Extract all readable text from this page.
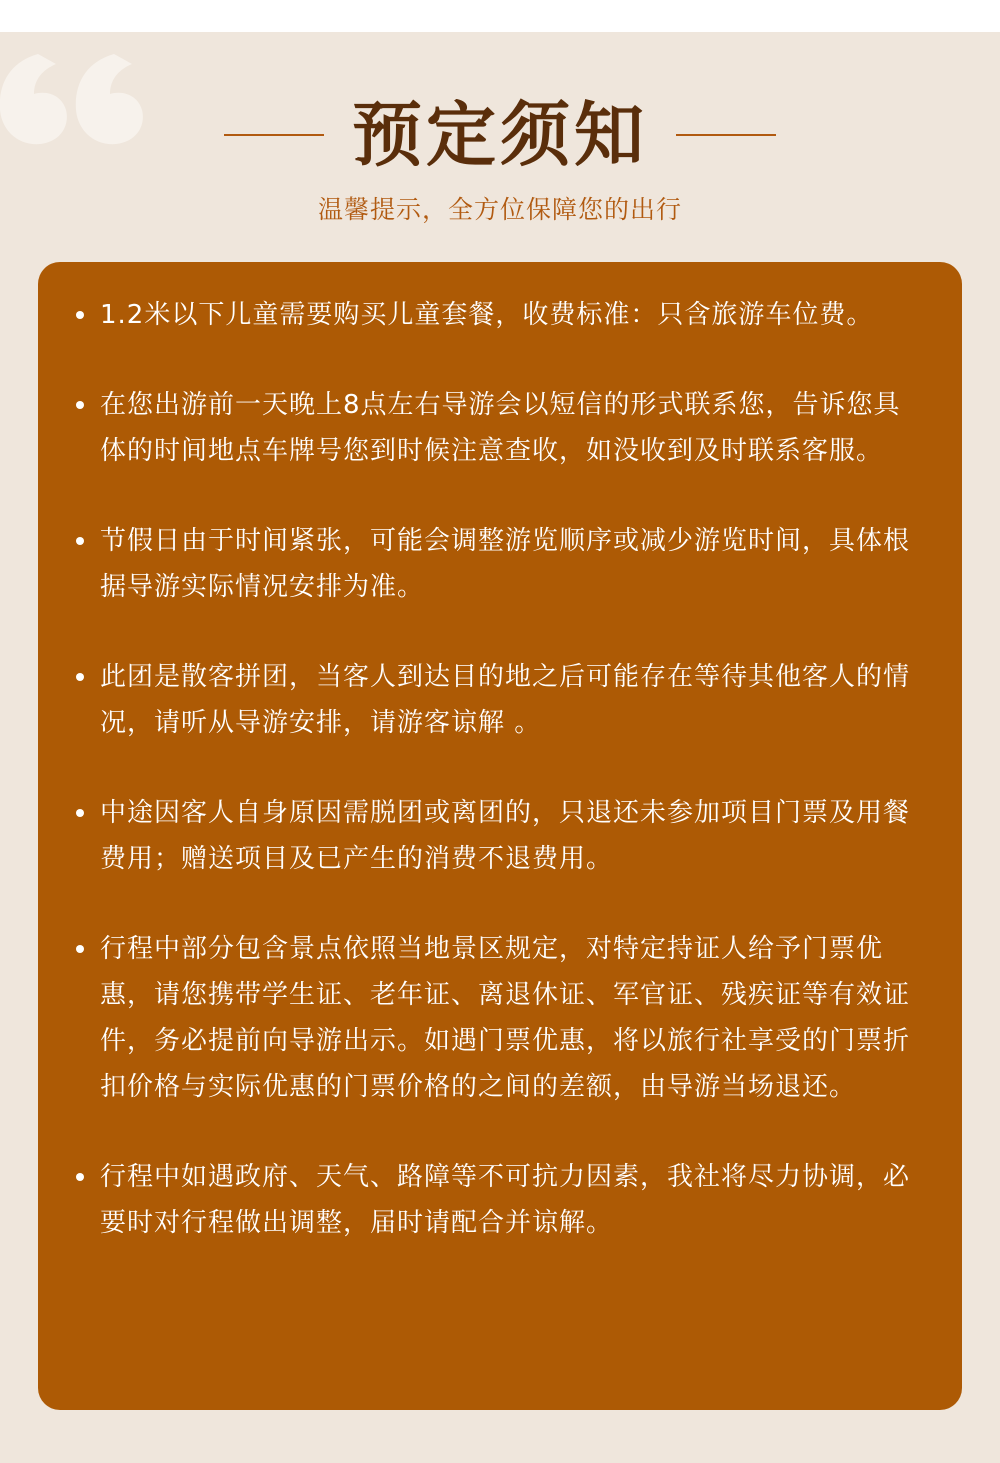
预定须知
温馨提示，全方位保障您的出行
1.2米以下儿童需要购买儿童套餐，收费标准：只含旅游车位费。
在您出游前一天晚上8点左右导游会以短信的形式联系您，告诉您具体的时间地点车牌号您到时候注意查收，如没收到及时联系客服。
节假日由于时间紧张，可能会调整游览顺序或减少游览时间，具体根据导游实际情况安排为准。
此团是散客拼团，当客人到达目的地之后可能存在等待其他客人的情况，请听从导游安排，请游客谅解 。
中途因客人自身原因需脱团或离团的，只退还未参加项目门票及用餐费用；赠送项目及已产生的消费不退费用。
行程中部分包含景点依照当地景区规定，对特定持证人给予门票优惠，请您携带学生证、老年证、离退休证、军官证、残疾证等有效证件，务必提前向导游出示。如遇门票优惠，将以旅行社享受的门票折扣价格与实际优惠的门票价格的之间的差额，由导游当场退还。
行程中如遇政府、天气、路障等不可抗力因素，我社将尽力协调，必要时对行程做出调整，届时请配合并谅解。
